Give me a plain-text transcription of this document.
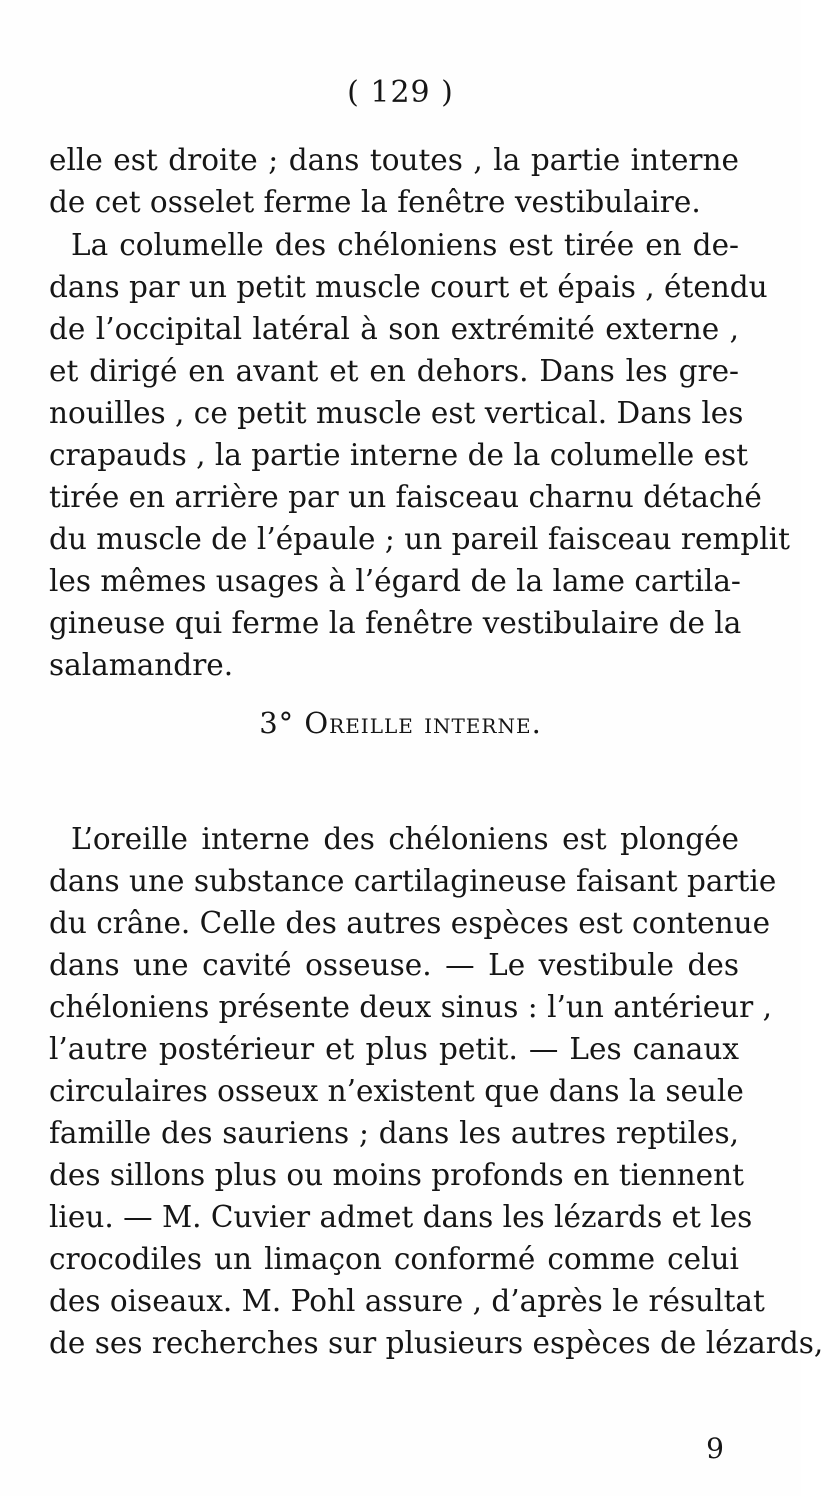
( 129 )
elle est droite ; dans toutes , la partie interne
de cet osselet ferme la fenêtre vestibulaire.
La columelle des chéloniens est tirée en de-
dans par un petit muscle court et épais , étendu
de l’occipital latéral à son extrémité externe ,
et dirigé en avant et en dehors. Dans les gre-
nouilles , ce petit muscle est vertical. Dans les
crapauds , la partie interne de la columelle est
tirée en arrière par un faisceau charnu détaché
du muscle de l’épaule ; un pareil faisceau remplit
les mêmes usages à l’égard de la lame cartila-
gineuse qui ferme la fenêtre vestibulaire de la
salamandre.
3° Oreille interne.
L’oreille interne des chéloniens est plongée
dans une substance cartilagineuse faisant partie
du crâne. Celle des autres espèces est contenue
dans une cavité osseuse. — Le vestibule des
chéloniens présente deux sinus : l’un antérieur ,
l’autre postérieur et plus petit. — Les canaux
circulaires osseux n’existent que dans la seule
famille des sauriens ; dans les autres reptiles,
des sillons plus ou moins profonds en tiennent
lieu. — M. Cuvier admet dans les lézards et les
crocodiles un limaçon conformé comme celui
des oiseaux. M. Pohl assure , d’après le résultat
de ses recherches sur plusieurs espèces de lézards,
9
